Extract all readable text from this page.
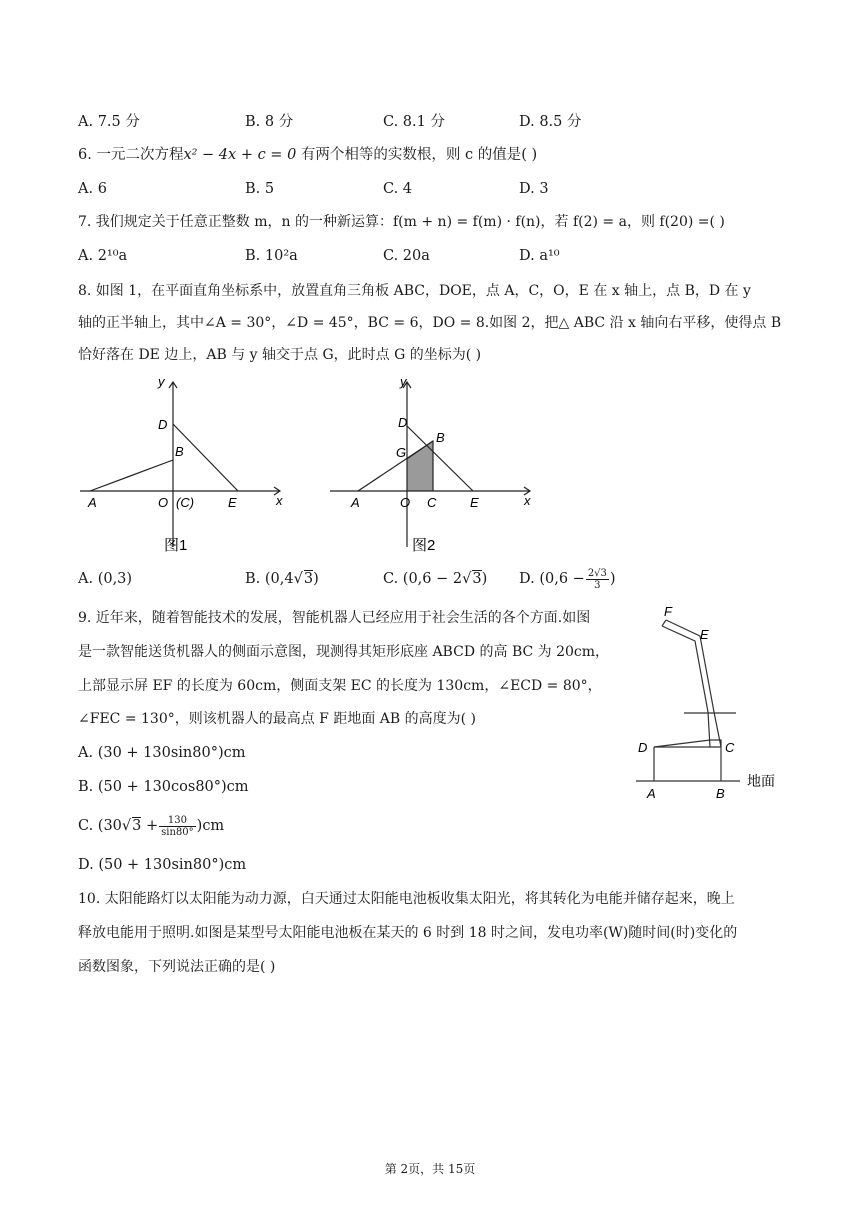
A. 7.5 分	B. 8 分	C. 8.1 分	D. 8.5 分
6. 一元二次方程x² − 4x + c = 0 有两个相等的实数根，则 c 的值是( )
A. 6	B. 5	C. 4	D. 3
7. 我们规定关于任意正整数 m，n 的一种新运算：f(m + n) = f(m) · f(n)，若 f(2) = a，则 f(20) =( )
A. 2¹⁰a	B. 10²a	C. 20a	D. a¹⁰
8. 如图 1，在平面直角坐标系中，放置直角三角板 ABC，DOE，点 A，C，O，E 在 x 轴上，点 B，D 在 y
轴的正半轴上，其中∠A = 30°，∠D = 45°，BC = 6，DO = 8.如图 2，把△ ABC 沿 x 轴向右平移，使得点 B
恰好落在 DE 边上，AB 与 y 轴交于点 G，此时点 G 的坐标为( )
y
x
D
B
A	O (C)	E
图1
y
x
D
G
B
A	O C	E
图2
A. (0,3)	B. (0,4√3)	C. (0,6 − 2√3) D. ($0,6 - \frac{2√3}{3}$ )
9. 近年来，随着智能技术的发展，智能机器人已经应用于社会生活的各个方面.如图
是一款智能送货机器人的侧面示意图，现测得其矩形底座 ABCD 的高 BC 为 20cm，
上部显示屏 EF 的长度为 60cm，侧面支架 EC 的长度为 130cm，∠ECD = 80°，
∠FEC = 130°，则该机器人的最高点 F 距地面 AB 的高度为( )
A. (30 + 130sin80°)cm
B. (50 + 130cos80°)cm
C. $(30√3 + \frac{130}{\sin 80^\circ} )cm$
D. (50 + 130sin80°)cm
F
E
D	C
A	B
地面
10. 太阳能路灯以太阳能为动力源，白天通过太阳能电池板收集太阳光，将其转化为电能并储存起来，晚上
释放电能用于照明.如图是某型号太阳能电池板在某天的 6 时到 18 时之间，发电功率(W)随时间(时)变化的
函数图象，下列说法正确的是( )
第 2页，共 15页
